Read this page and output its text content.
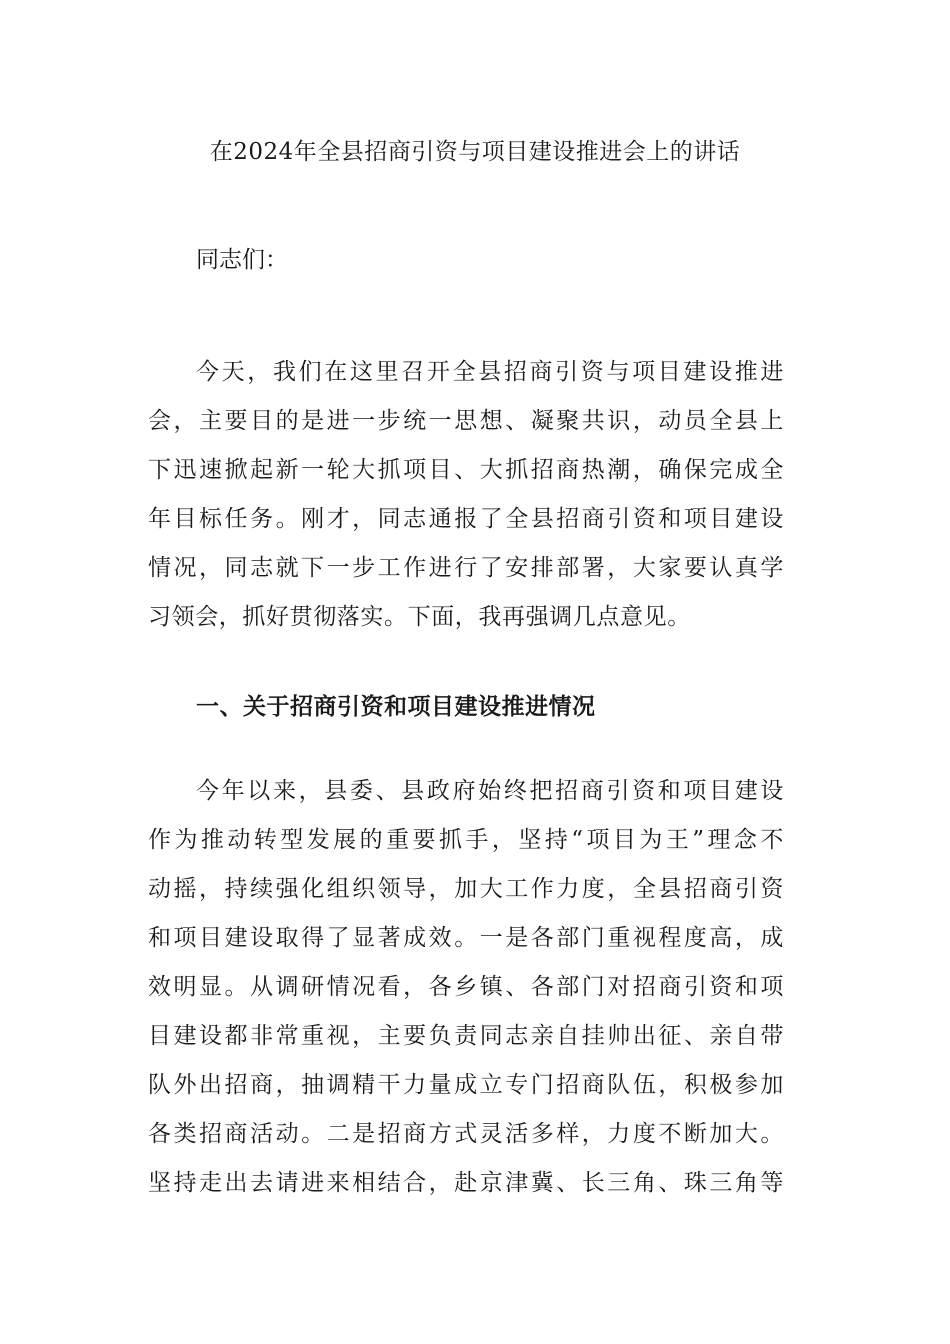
在2024年全县招商引资与项目建设推进会上的讲话
同志们：
今天，我们在这里召开全县招商引资与项目建设推进
会，主要目的是进一步统一思想、凝聚共识，动员全县上
下迅速掀起新一轮大抓项目、大抓招商热潮，确保完成全
年目标任务。刚才，同志通报了全县招商引资和项目建设
情况，同志就下一步工作进行了安排部署，大家要认真学
习领会，抓好贯彻落实。下面，我再强调几点意见。
一、关于招商引资和项目建设推进情况
今年以来，县委、县政府始终把招商引资和项目建设
作为推动转型发展的重要抓手，坚持“项目为王”理念不
动摇，持续强化组织领导，加大工作力度，全县招商引资
和项目建设取得了显著成效。一是各部门重视程度高，成
效明显。从调研情况看，各乡镇、各部门对招商引资和项
目建设都非常重视，主要负责同志亲自挂帅出征、亲自带
队外出招商，抽调精干力量成立专门招商队伍，积极参加
各类招商活动。二是招商方式灵活多样，力度不断加大。
坚持走出去请进来相结合，赴京津冀、长三角、珠三角等
